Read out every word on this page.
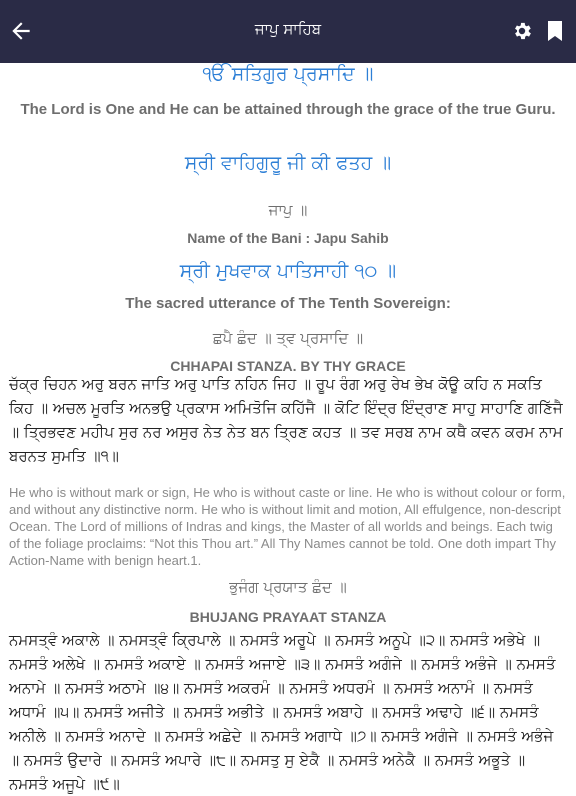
ਜਾਪੁ ਸਾਹਿਬ
ੴ ਸਤਿਗੁਰ ਪ੍ਰਸਾਦਿ ॥
The Lord is One and He can be attained through the grace of the true Guru.
ਸ੍ਰੀ ਵਾਹਿਗੁਰੂ ਜੀ ਕੀ ਫਤਹ ॥
ਜਾਪੁ ॥
Name of the Bani : Japu Sahib
ਸ੍ਰੀ ਮੁਖਵਾਕ ਪਾਤਿਸਾਹੀ ੧੦ ॥
The sacred utterance of The Tenth Sovereign:
ਛਪੈ ਛੰਦ ॥ ਤ੍ਵ ਪ੍ਰਸਾਦਿ ॥
CHHAPAI STANZA. BY THY GRACE
ਚੱਕ੍ਰ ਚਿਹਨ ਅਰੁ ਬਰਨ ਜਾਤਿ ਅਰੁ ਪਾਤਿ ਨਹਿਨ ਜਿਹ ॥ ਰੂਪ ਰੰਗ ਅਰੁ ਰੇਖ ਭੇਖ ਕੋਊ ਕਹਿ ਨ ਸਕਤਿ ਕਿਹ ॥ ਅਚਲ ਮੂਰਤਿ ਅਨਭਉ ਪ੍ਰਕਾਸ ਅਮਿਤੋਜਿ ਕਹਿੱਜੈ ॥ ਕੋਟਿ ਇੰਦ੍ਰ ਇੰਦ੍ਰਾਣ ਸਾਹੁ ਸਾਹਾਣਿ ਗਣਿੱਜੈ ॥ ਤ੍ਰਿਭਵਣ ਮਹੀਪ ਸੁਰ ਨਰ ਅਸੁਰ ਨੇਤ ਨੇਤ ਬਨ ਤ੍ਰਿਣ ਕਹਤ ॥ ਤਵ ਸਰਬ ਨਾਮ ਕਥੈ ਕਵਨ ਕਰਮ ਨਾਮ ਬਰਨਤ ਸੁਮਤਿ ॥੧॥
He who is without mark or sign, He who is without caste or line. He who is without colour or form, and without any distinctive norm. He who is without limit and motion, All effulgence, non-descript Ocean. The Lord of millions of Indras and kings, the Master of all worlds and beings. Each twig of the foliage proclaims: “Not this Thou art.” All Thy Names cannot be told. One doth impart Thy Action-Name with benign heart.1.
ਭੁਜੰਗ ਪ੍ਰਯਾਤ ਛੰਦ ॥
BHUJANG PRAYAAT STANZA
ਨਮਸਤ੍ਵੰ ਅਕਾਲੇ ॥ ਨਮਸਤ੍ਵੰ ਕ੍ਰਿਪਾਲੇ ॥ ਨਮਸਤੰ ਅਰੂਪੇ ॥ ਨਮਸਤੰ ਅਨੂਪੇ ॥੨॥ ਨਮਸਤੰ ਅਭੇਖੇ ॥ ਨਮਸਤੰ ਅਲੇਖੇ ॥ ਨਮਸਤੰ ਅਕਾਏ ॥ ਨਮਸਤੰ ਅਜਾਏ ॥੩॥ ਨਮਸਤੰ ਅਗੰਜੇ ॥ ਨਮਸਤੰ ਅਭੰਜੇ ॥ ਨਮਸਤੰ ਅਨਾਮੇ ॥ ਨਮਸਤੰ ਅਠਾਮੇ ॥੪॥ ਨਮਸਤੰ ਅਕਰਮੰ ॥ ਨਮਸਤੰ ਅਧਰਮੰ ॥ ਨਮਸਤੰ ਅਨਾਮੰ ॥ ਨਮਸਤੰ ਅਧਾਮੰ ॥੫॥ ਨਮਸਤੰ ਅਜੀਤੇ ॥ ਨਮਸਤੰ ਅਭੀਤੇ ॥ ਨਮਸਤੰ ਅਬਾਹੇ ॥ ਨਮਸਤੰ ਅਢਾਹੇ ॥੬॥ ਨਮਸਤੰ ਅਨੀਲੇ ॥ ਨਮਸਤੰ ਅਨਾਦੇ ॥ ਨਮਸਤੰ ਅਛੇਦੇ ॥ ਨਮਸਤੰ ਅਗਾਧੇ ॥੭॥ ਨਮਸਤੰ ਅਗੰਜੇ ॥ ਨਮਸਤੰ ਅਭੰਜੇ ॥ ਨਮਸਤੰ ਉਦਾਰੇ ॥ ਨਮਸਤੰ ਅਪਾਰੇ ॥੮॥ ਨਮਸਤੁ ਸੁ ਏਕੈ ॥ ਨਮਸਤੰ ਅਨੇਕੈ ॥ ਨਮਸਤੰ ਅਭੂਤੇ ॥ ਨਮਸਤੰ ਅਜੂਪੇ ॥੯॥
